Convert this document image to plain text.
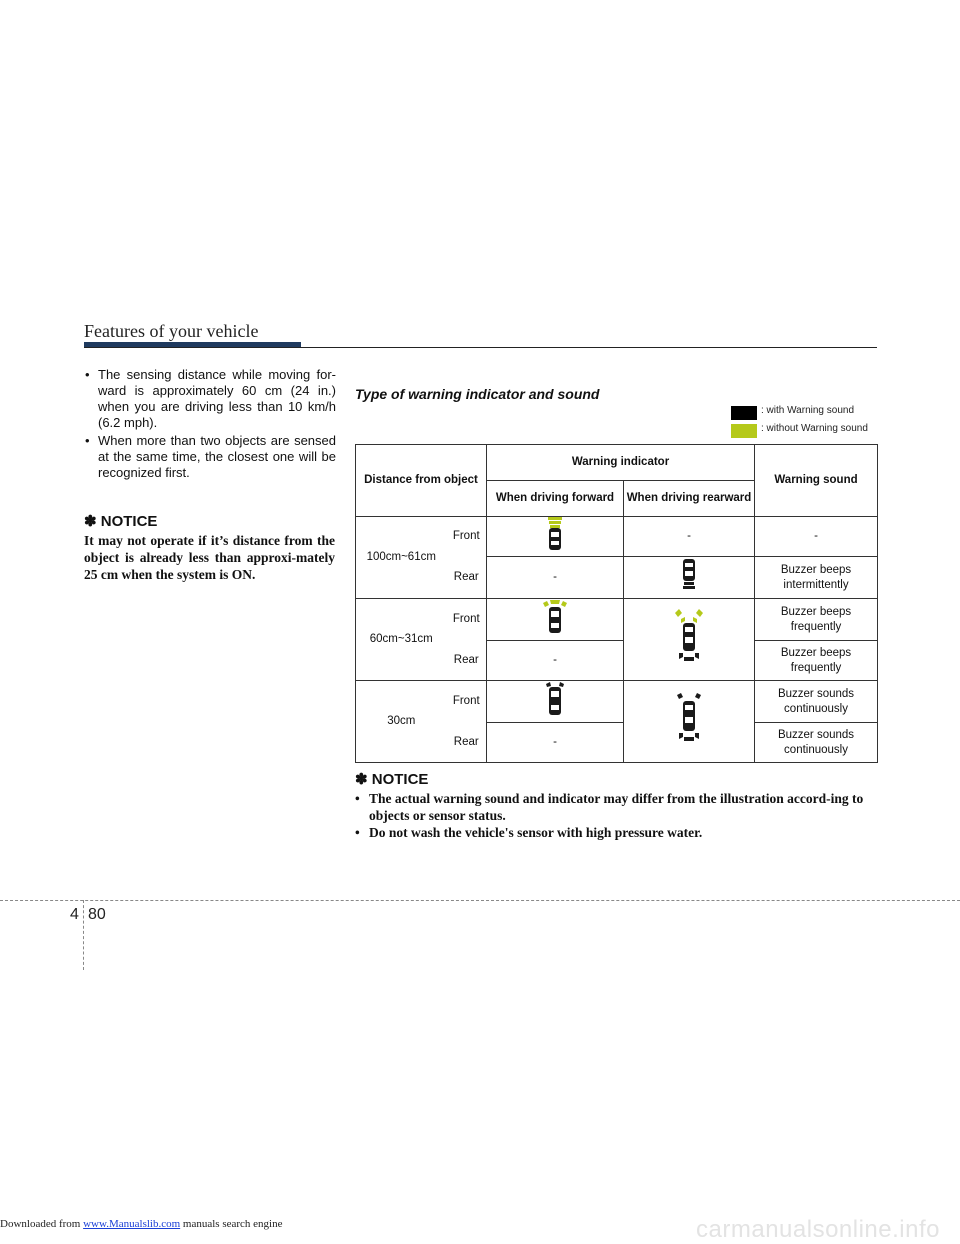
Features of your vehicle
• The sensing distance while moving for-ward is approximately 60 cm (24 in.) when you are driving less than 10 km/h (6.2 mph).
• When more than two objects are sensed at the same time, the closest one will be recognized first.
✽ NOTICE
It may not operate if it’s distance from the object is already less than approxi-mately 25 cm when the system is ON.
Type of warning indicator and sound
: with Warning sound
: without Warning sound
Distance from object		Warning indicator		Warning sound
		When driving forward	When driving rearward	
100cm~61cm	Front		-	-
	Rear	-		Buzzer beeps intermittently
60cm~31cm	Front			Buzzer beeps frequently
	Rear	-		Buzzer beeps frequently
30cm	Front			Buzzer sounds continuously
	Rear	-		Buzzer sounds continuously
✽ NOTICE
• The actual warning sound and indicator may differ from the illustration accord-ing to objects or sensor status.
• Do not wash the vehicle's sensor with high pressure water.
4 80
Downloaded from www.Manualslib.com manuals search engine	carmanualsonline.info
